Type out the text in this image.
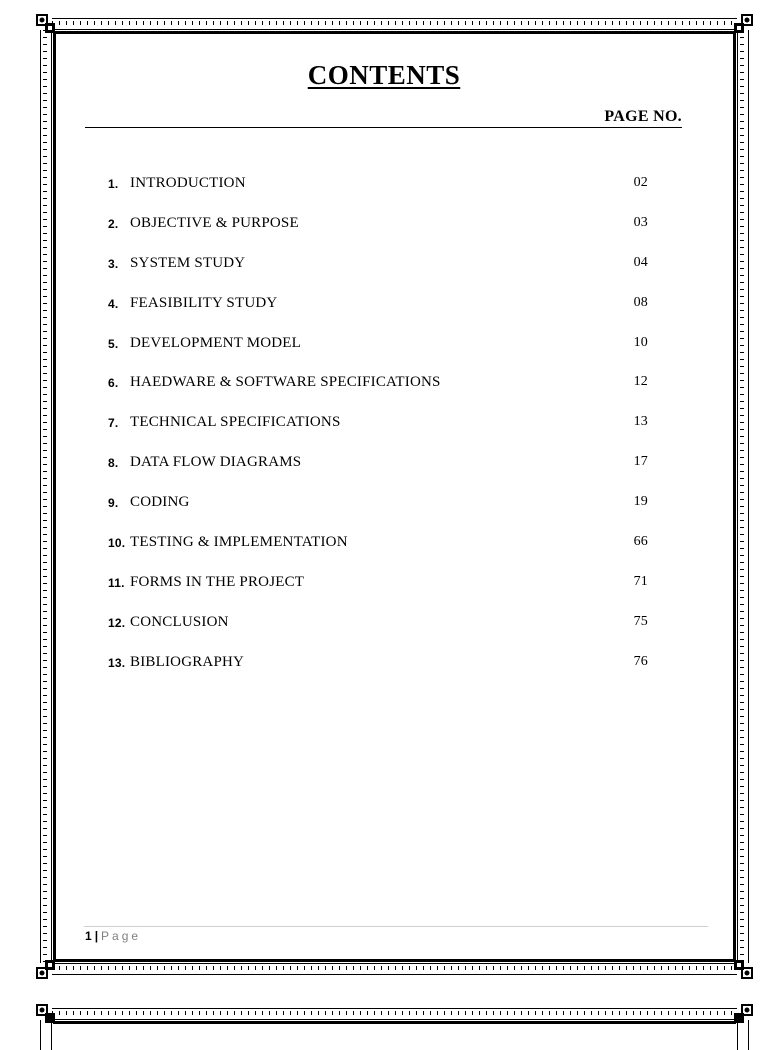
CONTENTS
PAGE NO.
1. INTRODUCTION	02
2. OBJECTIVE & PURPOSE	03
3. SYSTEM STUDY	04
4. FEASIBILITY STUDY	08
5. DEVELOPMENT MODEL	10
6. HAEDWARE & SOFTWARE SPECIFICATIONS	12
7. TECHNICAL SPECIFICATIONS	13
8. DATA FLOW DIAGRAMS	17
9. CODING	19
10. TESTING & IMPLEMENTATION	66
11. FORMS IN THE PROJECT	71
12. CONCLUSION	75
13. BIBLIOGRAPHY	76
1 | Page
